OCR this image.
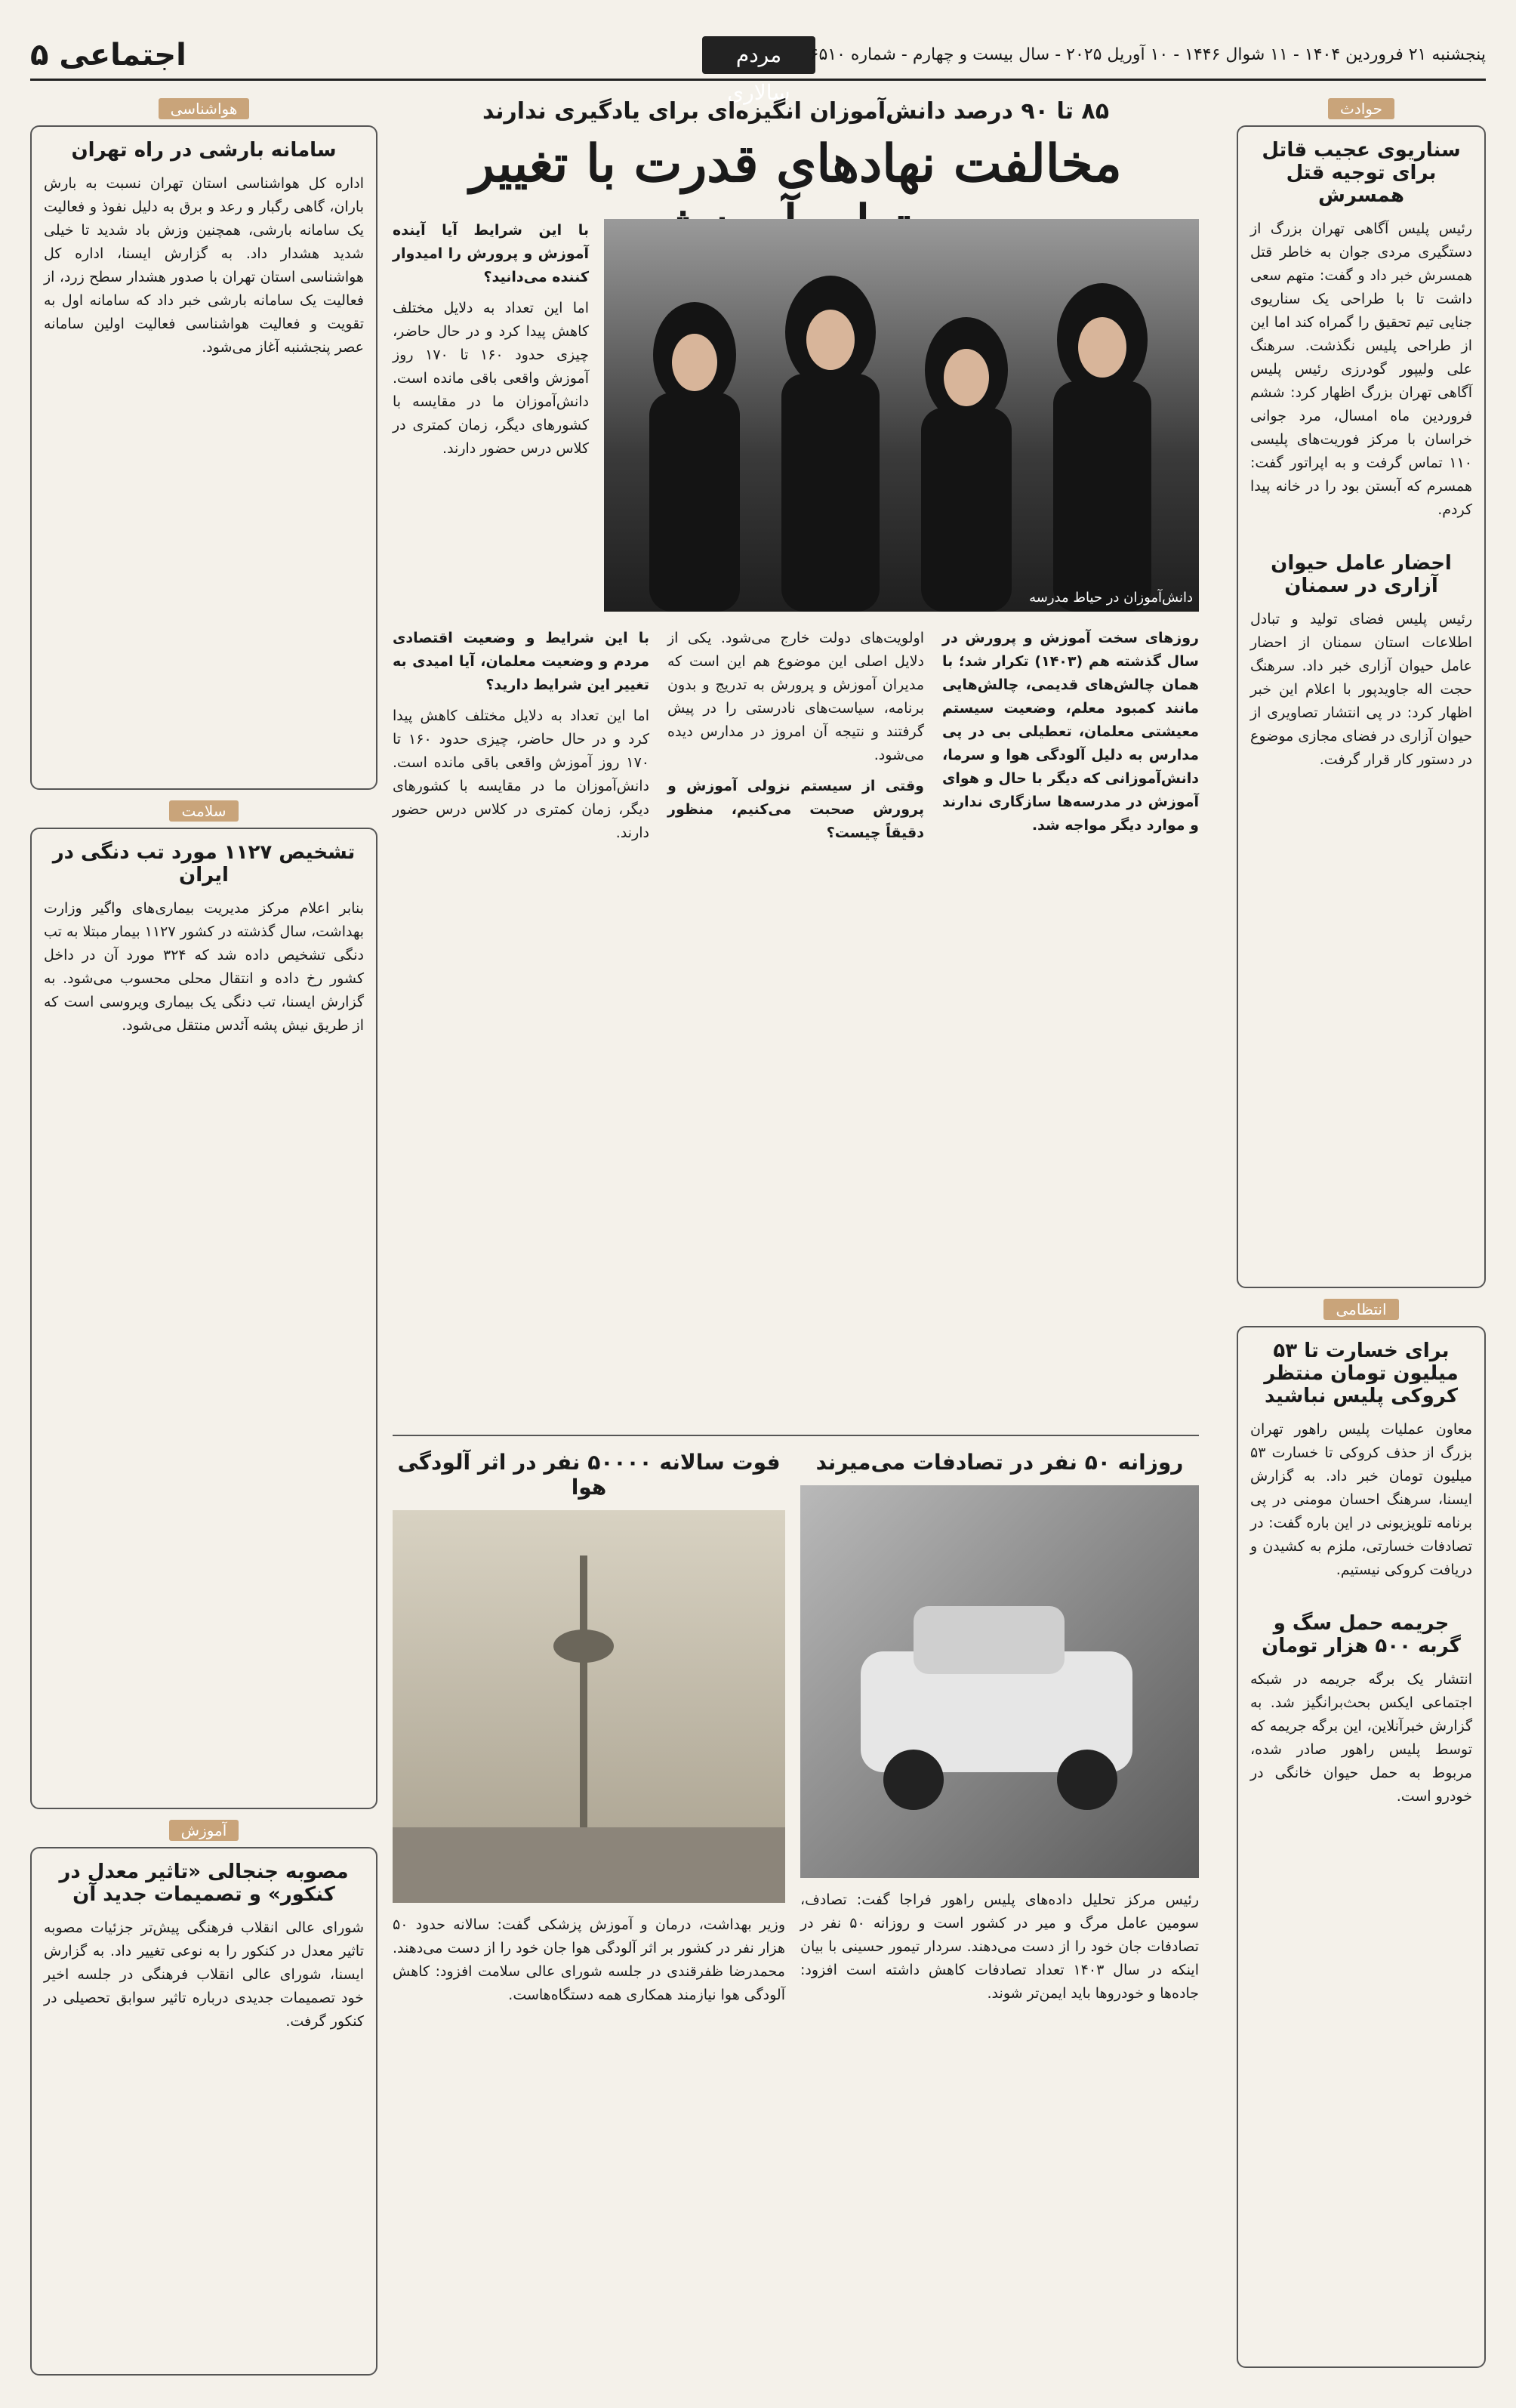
اجتماعی ۵	مردم سالاری
پنجشنبه ۲۱ فروردین ۱۴۰۴ - ۱۱ شوال ۱۴۴۶ - ۱۰ آوریل ۲۰۲۵ - سال بیست و چهارم - شماره ۶۵۱۰
حوادث
سناریوی عجیب قاتل برای توجیه قتل همسرش
رئیس پلیس آگاهی تهران بزرگ از دستگیری مردی جوان به خاطر قتل همسرش خبر داد و گفت: متهم سعی داشت تا با طراحی یک سناریوی جنایی تیم تحقیق را گمراه کند اما این از طراحی پلیس نگذشت. سرهنگ علی ولیپور گودرزی رئیس پلیس آگاهی تهران بزرگ اظهار کرد: ششم فروردین ماه امسال، مرد جوانی خراسان با مرکز فوریت‌های پلیسی ۱۱۰ تماس گرفت و به اپراتور گفت: همسرم که آبستن بود را در خانه پیدا کردم.
احضار عامل حیوان آزاری در سمنان
رئیس پلیس فضای تولید و تبادل اطلاعات استان سمنان از احضار عامل حیوان آزاری خبر داد. سرهنگ حجت اله جاویدپور با اعلام این خبر اظهار کرد: در پی انتشار تصاویری از حیوان آزاری در فضای مجازی موضوع در دستور کار قرار گرفت.
انتظامی
برای خسارت تا ۵۳ میلیون تومان منتظر کروکی پلیس نباشید
معاون عملیات پلیس راهور تهران بزرگ از حذف کروکی تا خسارت ۵۳ میلیون تومان خبر داد. به گزارش ایسنا، سرهنگ احسان مومنی در پی برنامه تلویزیونی در این باره گفت: در تصادفات خسارتی، ملزم به کشیدن و دریافت کروکی نیستیم.
جریمه حمل سگ و گربه ۵۰۰ هزار تومان
انتشار یک برگه جریمه در شبکه اجتماعی ایکس بحث‌برانگیز شد. به گزارش خبرآنلاین، این برگه جریمه که توسط پلیس راهور صادر شده، مربوط به حمل حیوان خانگی در خودرو است.
هواشناسی
سامانه بارشی در راه تهران
اداره کل هواشناسی استان تهران نسبت به بارش باران، گاهی رگبار و رعد و برق به دلیل نفوذ و فعالیت یک سامانه بارشی، همچنین وزش باد شدید تا خیلی شدید هشدار داد. به گزارش ایسنا، اداره کل هواشناسی استان تهران با صدور هشدار سطح زرد، از فعالیت یک سامانه بارشی خبر داد که سامانه اول به تقویت و فعالیت هواشناسی فعالیت اولین سامانه عصر پنجشنبه آغاز می‌شود.
سلامت
تشخیص ۱۱۲۷ مورد تب دنگی در ایران
بنابر اعلام مرکز مدیریت بیماری‌های واگیر وزارت بهداشت، سال گذشته در کشور ۱۱۲۷ بیمار مبتلا به تب دنگی تشخیص داده شد که ۳۲۴ مورد آن در داخل کشور رخ داده و انتقال محلی محسوب می‌شود. به گزارش ایسنا، تب دنگی یک بیماری ویروسی است که از طریق نیش پشه آئدس منتقل می‌شود.
آموزش
مصوبه جنجالی «تاثیر معدل در کنکور» و تصمیمات جدید آن
شورای عالی انقلاب فرهنگی پیش‌تر جزئیات مصوبه تاثیر معدل در کنکور را به نوعی تغییر داد. به گزارش ایسنا، شورای عالی انقلاب فرهنگی در جلسه اخیر خود تصمیمات جدیدی درباره تاثیر سوابق تحصیلی در کنکور گرفت.
۸۵ تا ۹۰ درصد دانش‌آموزان انگیزه‌ای برای یادگیری ندارند
مخالفت نهادهای قدرت با تغییر
دانش‌آموزان در حیاط مدرسه
با این شرایط آیا آینده آموزش و پرورش را امیدوار کننده می‌دانید؟
اما این تعداد به دلایل مختلف کاهش پیدا کرد و در حال حاضر، چیزی حدود ۱۶۰ تا ۱۷۰ روز آموزش واقعی باقی مانده است. دانش‌آموزان ما در مقایسه با کشورهای دیگر، زمان کمتری در کلاس درس حضور دارند.
روزهای سخت آموزش و پرورش در سال گذشته هم (۱۴۰۳) تکرار شد؛ با همان چالش‌های قدیمی، چالش‌هایی مانند کمبود معلم، وضعیت سیستم معیشتی معلمان، تعطیلی بی در پی مدارس به دلیل آلودگی هوا و سرما، دانش‌آموزانی که دیگر با حال و هوای آموزش در مدرسه‌ها سازگاری ندارند و موارد دیگر مواجه شد.
اولویت‌های دولت خارج می‌شود. یکی از دلایل اصلی این موضوع هم این است که مدیران آموزش و پرورش به تدریج و بدون برنامه، سیاست‌های نادرستی را در پیش گرفتند و نتیجه آن امروز در مدارس دیده می‌شود.
وقتی از سیستم نزولی آموزش و پرورش صحبت می‌کنیم، منظور دقیقاً چیست؟
با این شرایط و وضعیت اقتصادی مردم و وضعیت معلمان، آیا امیدی به تغییر این شرایط دارید؟
اما این تعداد به دلایل مختلف کاهش پیدا کرد و در حال حاضر، چیزی حدود ۱۶۰ تا ۱۷۰ روز آموزش واقعی باقی مانده است. دانش‌آموزان ما در مقایسه با کشورهای دیگر، زمان کمتری در کلاس درس حضور دارند.
روزانه ۵۰ نفر در تصادفات می‌میرند
رئیس مرکز تحلیل داده‌های پلیس راهور فراجا گفت: تصادف، سومین عامل مرگ و میر در کشور است و روزانه ۵۰ نفر در تصادفات جان خود را از دست می‌دهند. سردار تیمور حسینی با بیان اینکه در سال ۱۴۰۳ تعداد تصادفات کاهش داشته است افزود: جاده‌ها و خودروها باید ایمن‌تر شوند.
فوت سالانه ۵۰۰۰۰ نفر در اثر آلودگی هوا
وزیر بهداشت، درمان و آموزش پزشکی گفت: سالانه حدود ۵۰ هزار نفر در کشور بر اثر آلودگی هوا جان خود را از دست می‌دهند. محمدرضا ظفرقندی در جلسه شورای عالی سلامت افزود: کاهش آلودگی هوا نیازمند همکاری همه دستگاه‌هاست.
